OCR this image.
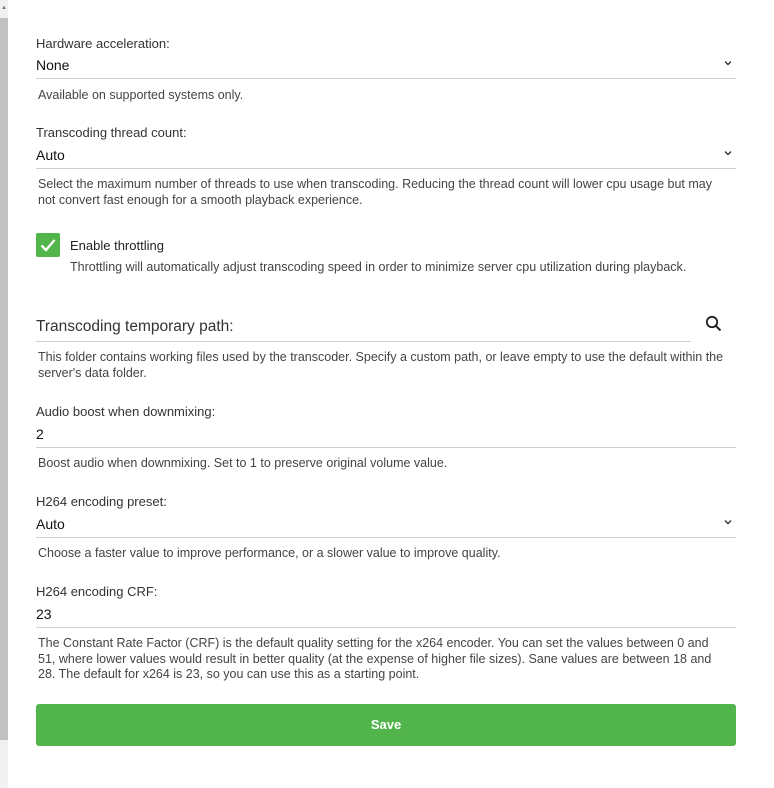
▲
Hardware acceleration:
None
Available on supported systems only.
Transcoding thread count:
Auto
Select the maximum number of threads to use when transcoding. Reducing the thread count will lower cpu usage but may not convert fast enough for a smooth playback experience.
Enable throttling
Throttling will automatically adjust transcoding speed in order to minimize server cpu utilization during playback.
Transcoding temporary path:
This folder contains working files used by the transcoder. Specify a custom path, or leave empty to use the default within the server's data folder.
Audio boost when downmixing:
2
Boost audio when downmixing. Set to 1 to preserve original volume value.
H264 encoding preset:
Auto
Choose a faster value to improve performance, or a slower value to improve quality.
H264 encoding CRF:
23
The Constant Rate Factor (CRF) is the default quality setting for the x264 encoder. You can set the values between 0 and 51, where lower values would result in better quality (at the expense of higher file sizes). Sane values are between 18 and 28. The default for x264 is 23, so you can use this as a starting point.
Save
